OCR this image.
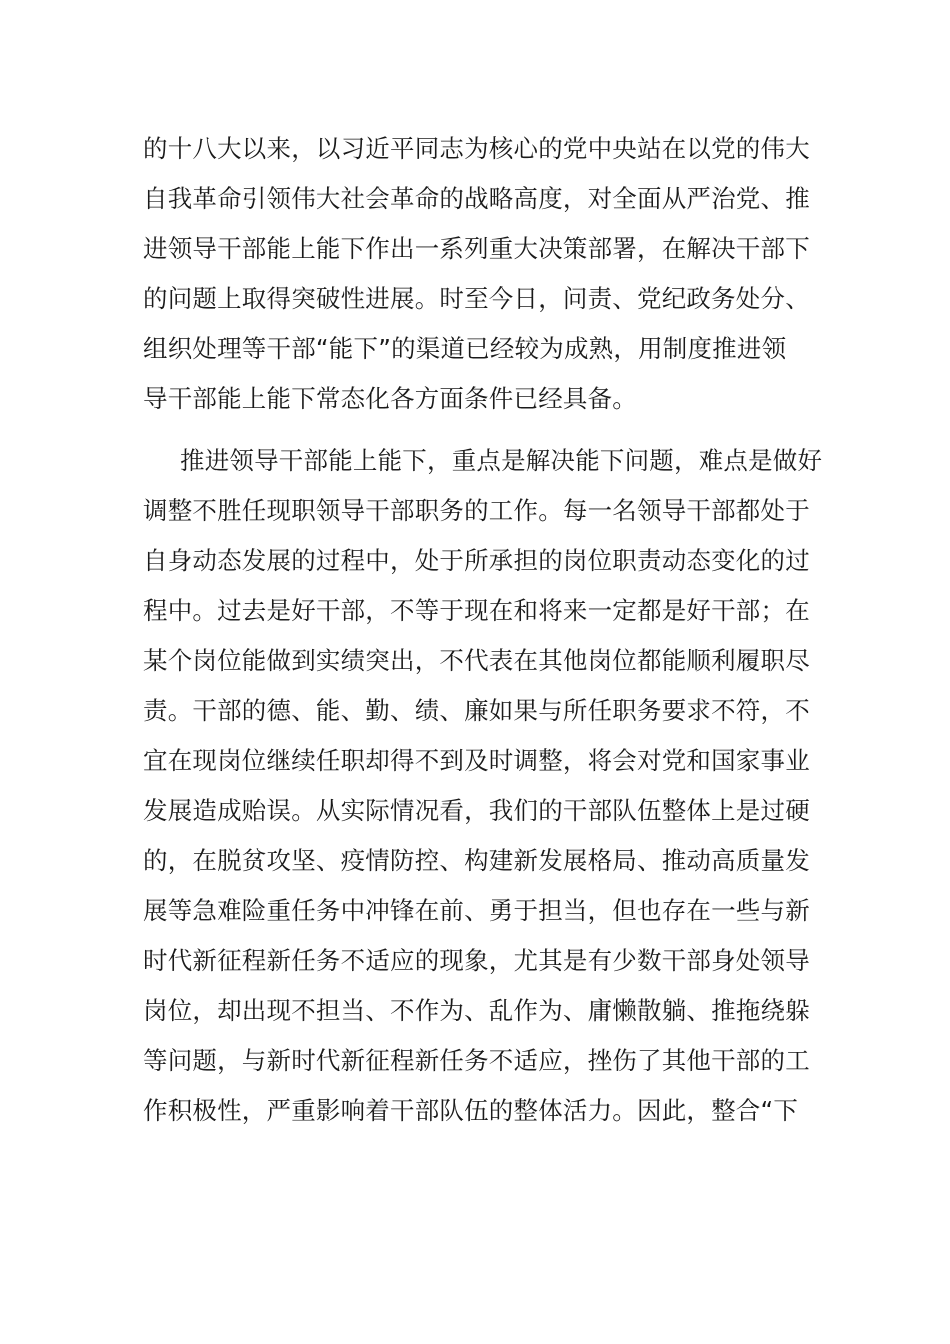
的十八大以来，以习近平同志为核心的党中央站在以党的伟大
自我革命引领伟大社会革命的战略高度，对全面从严治党、推
进领导干部能上能下作出一系列重大决策部署，在解决干部下
的问题上取得突破性进展。时至今日，问责、党纪政务处分、
组织处理等干部“能下”的渠道已经较为成熟，用制度推进领
导干部能上能下常态化各方面条件已经具备。
推进领导干部能上能下，重点是解决能下问题，难点是做好
调整不胜任现职领导干部职务的工作。每一名领导干部都处于
自身动态发展的过程中，处于所承担的岗位职责动态变化的过
程中。过去是好干部，不等于现在和将来一定都是好干部；在
某个岗位能做到实绩突出，不代表在其他岗位都能顺利履职尽
责。干部的德、能、勤、绩、廉如果与所任职务要求不符，不
宜在现岗位继续任职却得不到及时调整，将会对党和国家事业
发展造成贻误。从实际情况看，我们的干部队伍整体上是过硬
的，在脱贫攻坚、疫情防控、构建新发展格局、推动高质量发
展等急难险重任务中冲锋在前、勇于担当，但也存在一些与新
时代新征程新任务不适应的现象，尤其是有少数干部身处领导
岗位，却出现不担当、不作为、乱作为、庸懒散躺、推拖绕躲
等问题，与新时代新征程新任务不适应，挫伤了其他干部的工
作积极性，严重影响着干部队伍的整体活力。因此，整合“下
